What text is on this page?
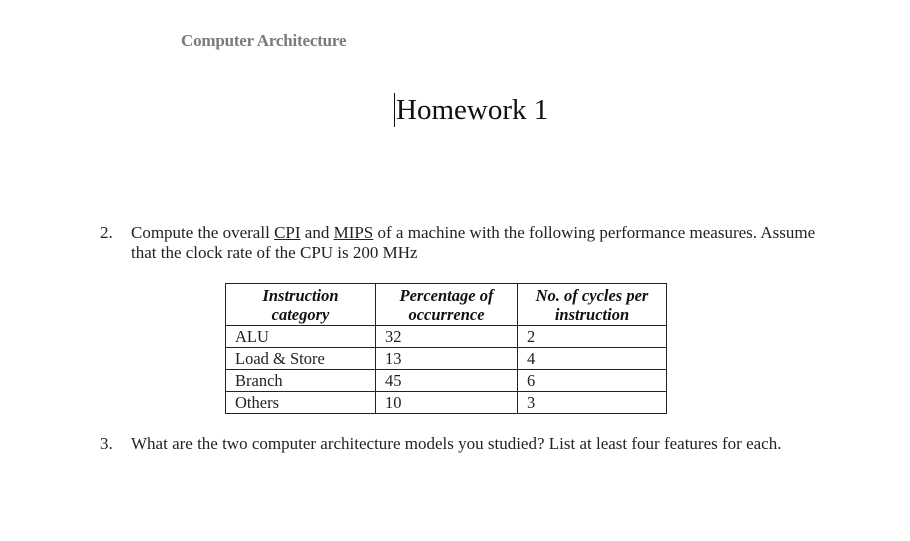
Computer Architecture
Homework 1
2. Compute the overall CPI and MIPS of a machine with the following performance measures. Assume that the clock rate of the CPU is 200 MHz
Instruction category	Percentage of occurrence	No. of cycles per instruction
ALU	32	2
Load & Store	13	4
Branch	45	6
Others	10	3
3. What are the two computer architecture models you studied? List at least four features for each.
